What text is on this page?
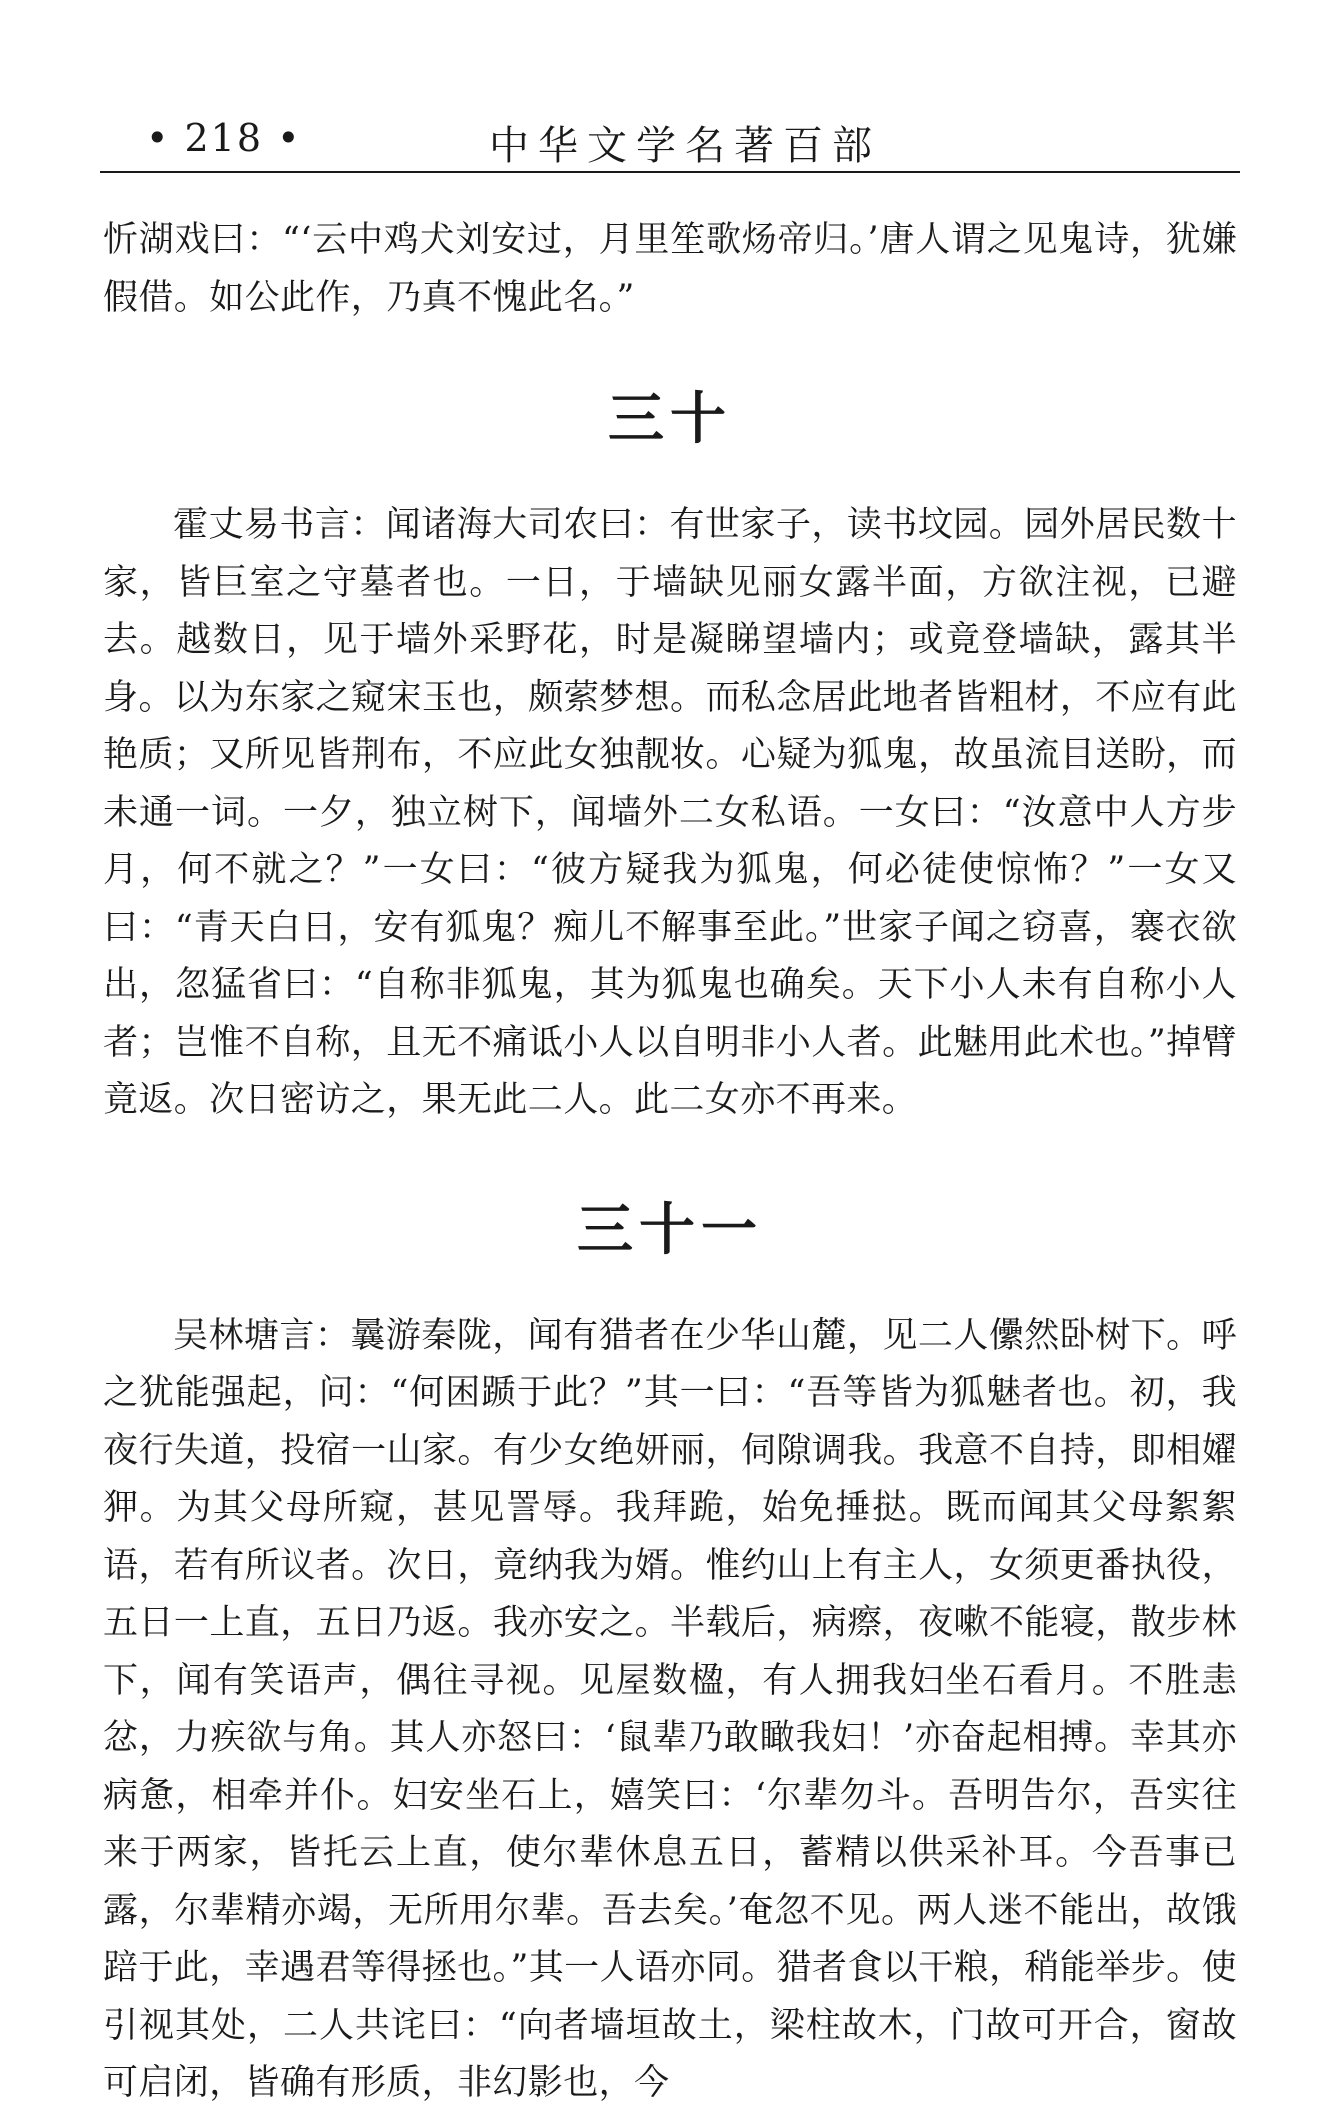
• 218 •	中华文学名著百部

忻湖戏曰：“‘云中鸡犬刘安过，月里笙歌炀帝归。’唐人谓之见鬼诗，犹嫌假借。如公此作，乃真不愧此名。”

三十

霍丈易书言：闻诸海大司农曰：有世家子，读书坟园。园外居民数十家，皆巨室之守墓者也。一日，于墙缺见丽女露半面，方欲注视，已避去。越数日，见于墙外采野花，时是凝睇望墙内；或竟登墙缺，露其半身。以为东家之窥宋玉也，颇萦梦想。而私念居此地者皆粗材，不应有此艳质；又所见皆荆布，不应此女独靓妆。心疑为狐鬼，故虽流目送盼，而未通一词。一夕，独立树下，闻墙外二女私语。一女曰：“汝意中人方步月，何不就之？”一女曰：“彼方疑我为狐鬼，何必徒使惊怖？”一女又曰：“青天白日，安有狐鬼？痴儿不解事至此。”世家子闻之窃喜，褰衣欲出，忽猛省曰：“自称非狐鬼，其为狐鬼也确矣。天下小人未有自称小人者；岂惟不自称，且无不痛诋小人以自明非小人者。此魅用此术也。”掉臂竟返。次日密访之，果无此二人。此二女亦不再来。

三十一

吴林塘言：曩游秦陇，闻有猎者在少华山麓，见二人儽然卧树下。呼之犹能强起，问：“何困踬于此？”其一曰：“吾等皆为狐魅者也。初，我夜行失道，投宿一山家。有少女绝妍丽，伺隙调我。我意不自持，即相嬥狎。为其父母所窥，甚见詈辱。我拜跪，始免捶挞。既而闻其父母絮絮语，若有所议者。次日，竟纳我为婿。惟约山上有主人，女须更番执役，五日一上直，五日乃返。我亦安之。半载后，病瘵，夜嗽不能寝，散步林下，闻有笑语声，偶往寻视。见屋数楹，有人拥我妇坐石看月。不胜恚忿，力疾欲与角。其人亦怒曰：‘鼠辈乃敢瞰我妇！’亦奋起相搏。幸其亦病惫，相牵并仆。妇安坐石上，嬉笑曰：‘尔辈勿斗。吾明告尔，吾实往来于两家，皆托云上直，使尔辈休息五日，蓄精以供采补耳。今吾事已露，尔辈精亦竭，无所用尔辈。吾去矣。’奄忽不见。两人迷不能出，故饿踣于此，幸遇君等得拯也。”其一人语亦同。猎者食以干粮，稍能举步。使引视其处，二人共诧曰：“向者墙垣故土，梁柱故木，门故可开合，窗故可启闭，皆确有形质，非幻影也，今
